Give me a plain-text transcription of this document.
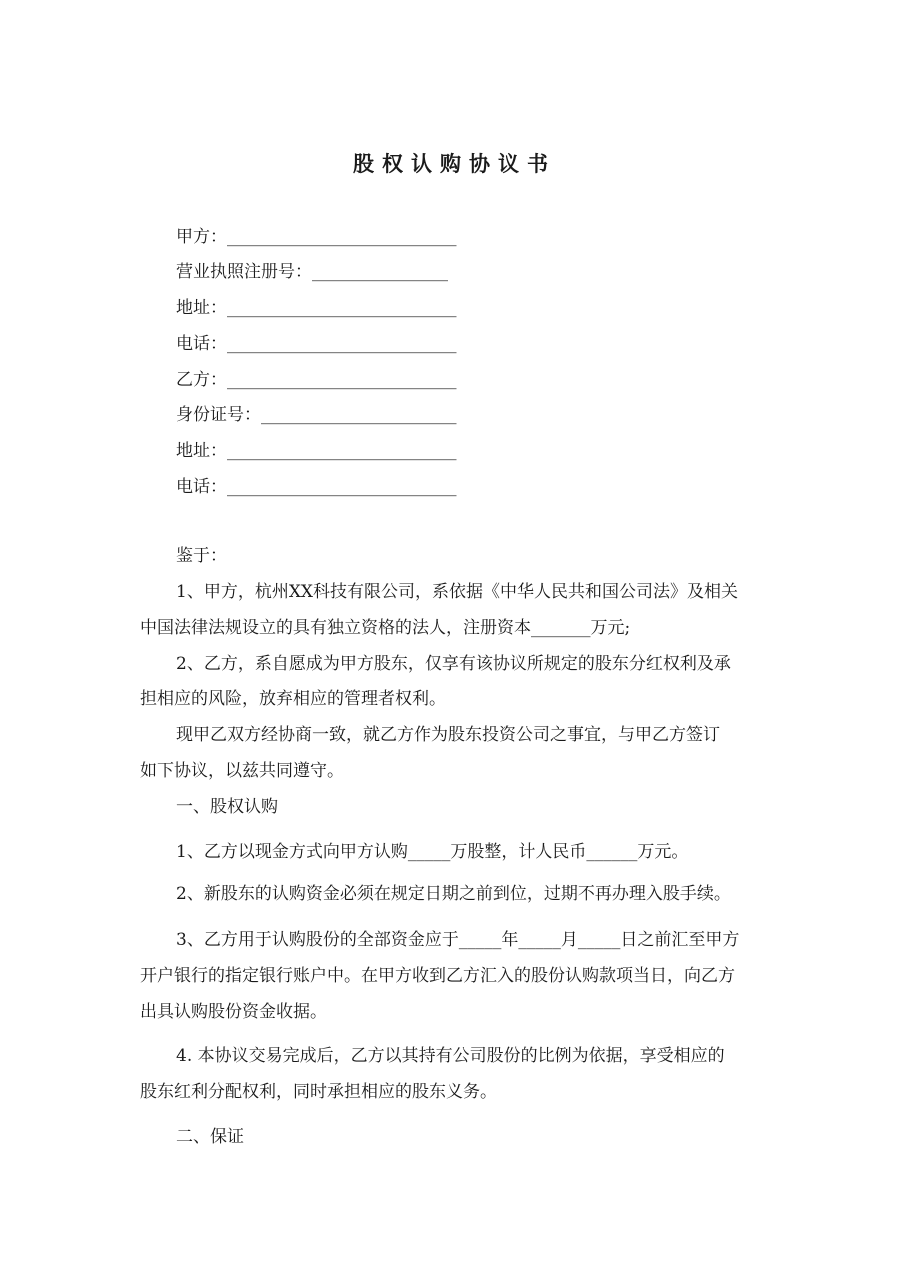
股权认购协议书
甲方：___________________________
营业执照注册号：________________
地址：___________________________
电话：___________________________
乙方：___________________________
身份证号：_______________________
地址：___________________________
电话：___________________________
鉴于：
1、甲方，杭州XX科技有限公司，系依据《中华人民共和国公司法》及相关
中国法律法规设立的具有独立资格的法人，注册资本_______万元;
2、乙方，系自愿成为甲方股东，仅享有该协议所规定的股东分红权利及承
担相应的风险，放弃相应的管理者权利。
现甲乙双方经协商一致，就乙方作为股东投资公司之事宜，与甲乙方签订
如下协议，以兹共同遵守。
一、股权认购
1、乙方以现金方式向甲方认购_____万股整，计人民币______万元。
2、新股东的认购资金必须在规定日期之前到位，过期不再办理入股手续。
3、乙方用于认购股份的全部资金应于_____年_____月_____日之前汇至甲方
开户银行的指定银行账户中。在甲方收到乙方汇入的股份认购款项当日，向乙方
出具认购股份资金收据。
4. 本协议交易完成后，乙方以其持有公司股份的比例为依据，享受相应的
股东红利分配权利，同时承担相应的股东义务。
二、保证
